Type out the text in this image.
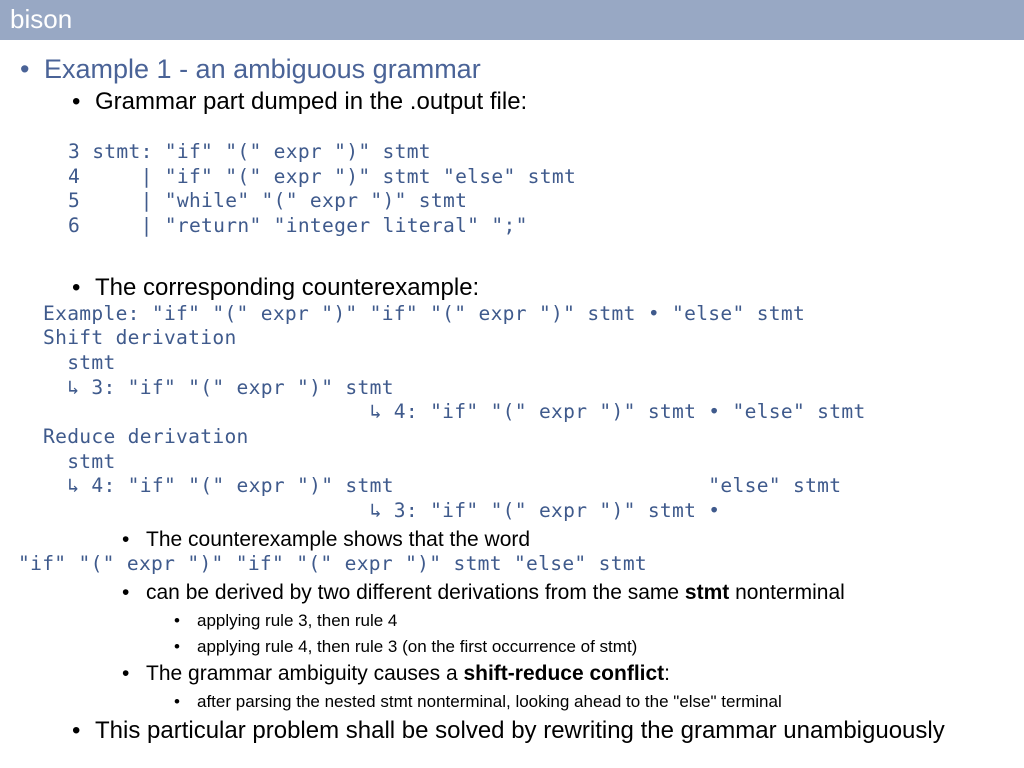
bison
• Example 1 - an ambiguous grammar
• Grammar part dumped in the .output file:
3 stmt: "if" "(" expr ")" stmt
4     | "if" "(" expr ")" stmt "else" stmt
5     | "while" "(" expr ")" stmt
6     | "return" "integer literal" ";"
• The corresponding counterexample:
Example: "if" "(" expr ")" "if" "(" expr ")" stmt • "else" stmt
Shift derivation
stmt
↳ 3: "if" "(" expr ")" stmt
↳ 4: "if" "(" expr ")" stmt • "else" stmt
Reduce derivation
stmt
↳ 4: "if" "(" expr ")" stmt                          "else" stmt
↳ 3: "if" "(" expr ")" stmt •
• The counterexample shows that the word
"if" "(" expr ")" "if" "(" expr ")" stmt "else" stmt
• can be derived by two different derivations from the same stmt nonterminal
• applying rule 3, then rule 4
• applying rule 4, then rule 3 (on the first occurrence of stmt)
• The grammar ambiguity causes a shift-reduce conflict:
• after parsing the nested stmt nonterminal, looking ahead to the "else" terminal
• This particular problem shall be solved by rewriting the grammar unambiguously
